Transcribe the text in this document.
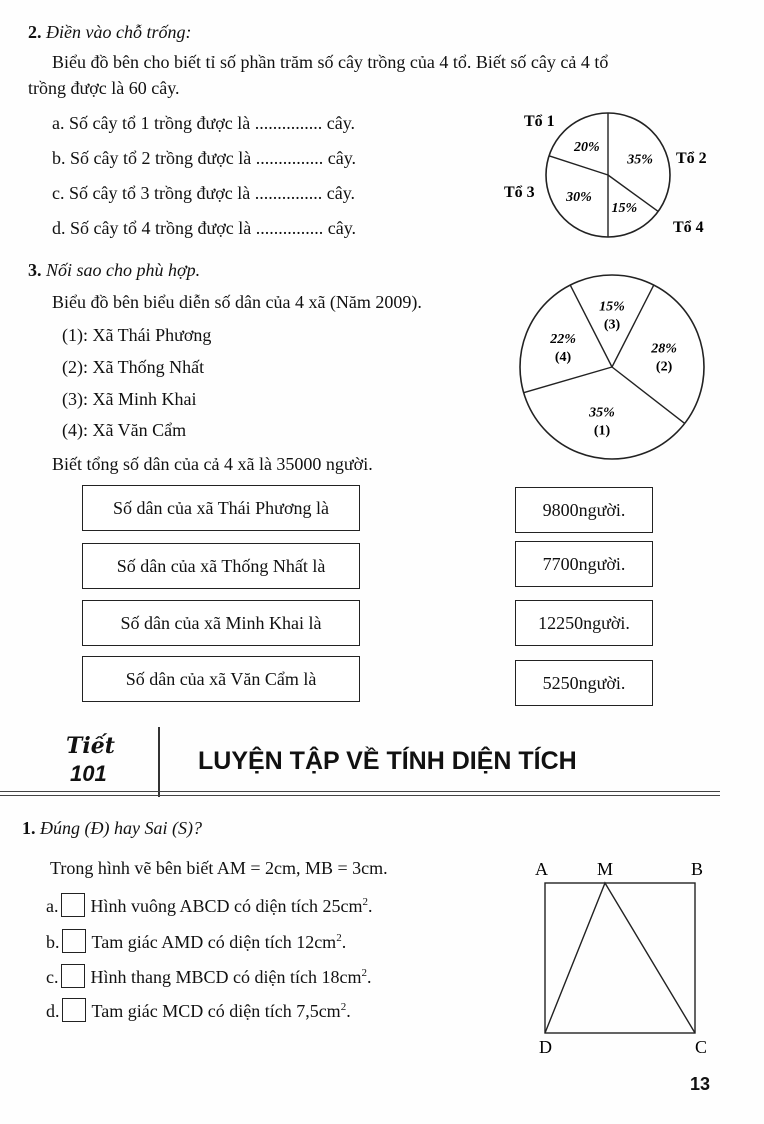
2. Điền vào chỗ trống:
Biểu đồ bên cho biết tỉ số phần trăm số cây trồng của 4 tổ. Biết số cây cả 4 tổ
trồng được là 60 cây.
a. Số cây tổ 1 trồng được là ............... cây.
b. Số cây tổ 2 trồng được là ............... cây.
c. Số cây tổ 3 trồng được là ............... cây.
d. Số cây tổ 4 trồng được là ............... cây.
35% Tổ 2
15%
Tổ 4
30%
Tổ 3
20%
Tổ 1
3. Nối sao cho phù hợp.
Biểu đồ bên biểu diễn số dân của 4 xã (Năm 2009).
(1): Xã Thái Phương
(2): Xã Thống Nhất
(3): Xã Minh Khai
(4): Xã Văn Cẩm
Biết tổng số dân của cả 4 xã là 35000 người.
15%
(3)
28%
(2)
35%
(1)
22%
(4)
Số dân của xã Thái Phương là
Số dân của xã Thống Nhất là
Số dân của xã Minh Khai là
Số dân của xã Văn Cẩm là
9800người.
7700người.
12250người.
5250người.
Tiết
101	LUYỆN TẬP VỀ TÍNH DIỆN TÍCH
1. Đúng (Đ) hay Sai (S)?
Trong hình vẽ bên biết AM = 2cm, MB = 3cm.
a. Hình vuông ABCD có diện tích $25cm^2$.
b. Tam giác AMD có diện tích $12cm^2$.
c. Hình thang MBCD có diện tích $18cm^2$.
d. Tam giác MCD có diện tích $7,5cm^2$.
A	M	B
D	C
13
